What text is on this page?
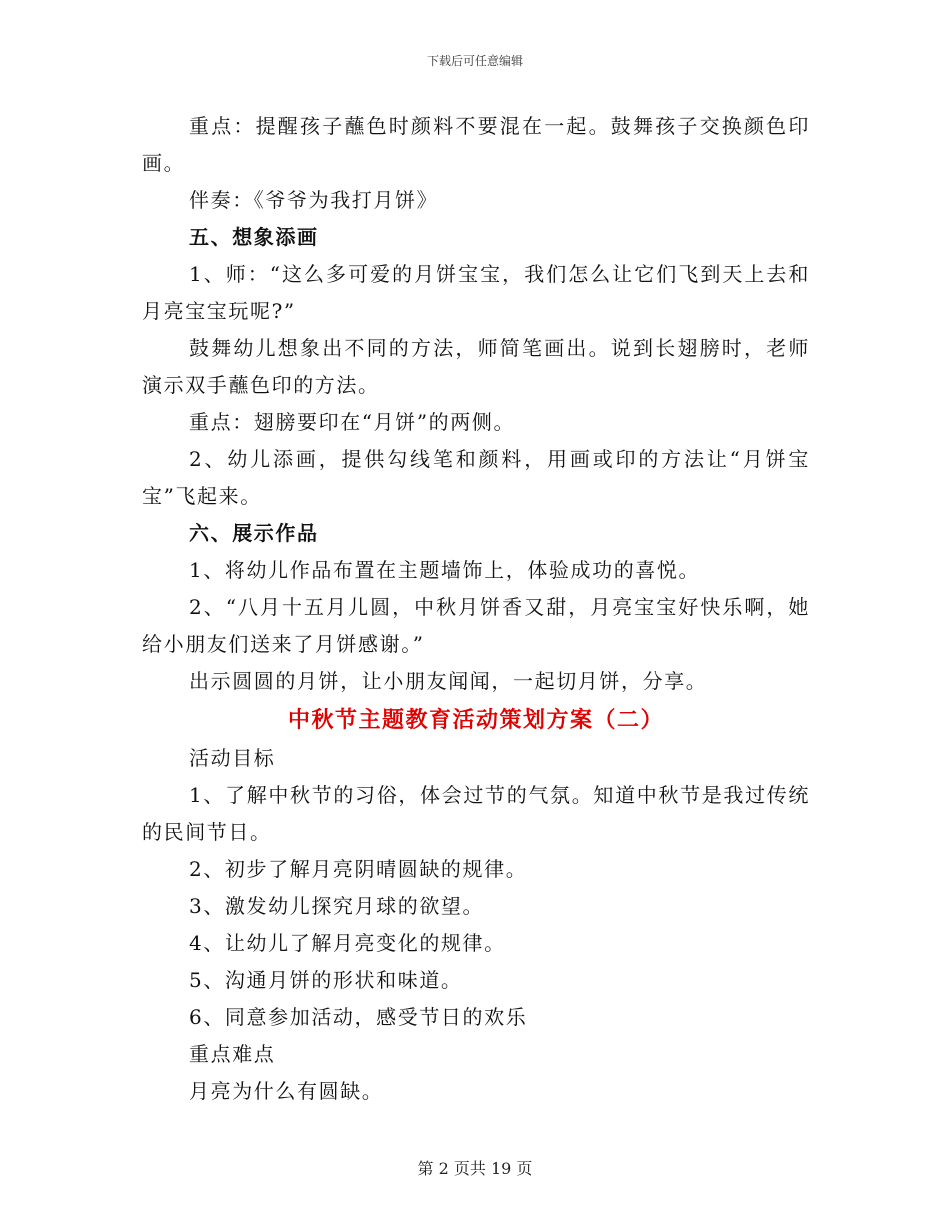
下载后可任意编辑

重点：提醒孩子蘸色时颜料不要混在一起。鼓舞孩子交换颜色印画。

伴奏：《爷爷为我打月饼》

五、想象添画

1、师：“这么多可爱的月饼宝宝，我们怎么让它们飞到天上去和月亮宝宝玩呢?”

鼓舞幼儿想象出不同的方法，师简笔画出。说到长翅膀时，老师演示双手蘸色印的方法。

重点：翅膀要印在“月饼”的两侧。

2、幼儿添画，提供勾线笔和颜料，用画或印的方法让“月饼宝宝”飞起来。

六、展示作品

1、将幼儿作品布置在主题墙饰上，体验成功的喜悦。

2、“八月十五月儿圆，中秋月饼香又甜，月亮宝宝好快乐啊，她给小朋友们送来了月饼感谢。”

出示圆圆的月饼，让小朋友闻闻，一起切月饼，分享。

中秋节主题教育活动策划方案（二）

活动目标

1、了解中秋节的习俗，体会过节的气氛。知道中秋节是我过传统的民间节日。

2、初步了解月亮阴晴圆缺的规律。

3、激发幼儿探究月球的欲望。

4、让幼儿了解月亮变化的规律。

5、沟通月饼的形状和味道。

6、同意参加活动，感受节日的欢乐

重点难点

月亮为什么有圆缺。

第 2 页共 19 页
